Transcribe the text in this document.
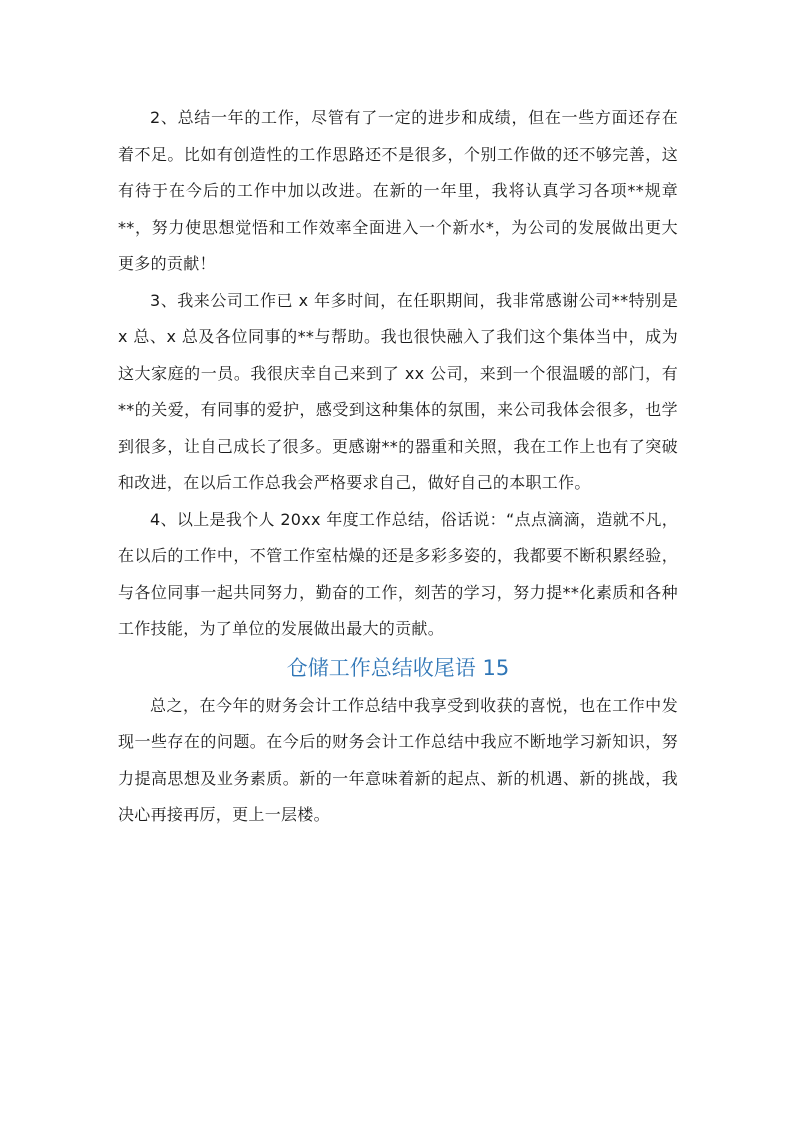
2、总结一年的工作，尽管有了一定的进步和成绩，但在一些方面还存在着不足。比如有创造性的工作思路还不是很多，个别工作做的还不够完善，这有待于在今后的工作中加以改进。在新的一年里，我将认真学习各项**规章**，努力使思想觉悟和工作效率全面进入一个新水*，为公司的发展做出更大更多的贡献！

3、我来公司工作已 x 年多时间，在任职期间，我非常感谢公司**特别是 x 总、x 总及各位同事的**与帮助。我也很快融入了我们这个集体当中，成为这大家庭的一员。我很庆幸自己来到了 xx 公司，来到一个很温暖的部门，有**的关爱，有同事的爱护，感受到这种集体的氛围，来公司我体会很多，也学到很多，让自己成长了很多。更感谢**的器重和关照，我在工作上也有了突破和改进，在以后工作总我会严格要求自己，做好自己的本职工作。

4、以上是我个人 20xx 年度工作总结，俗话说：“点点滴滴，造就不凡，在以后的工作中，不管工作室枯燥的还是多彩多姿的，我都要不断积累经验，与各位同事一起共同努力，勤奋的工作，刻苦的学习，努力提**化素质和各种工作技能，为了单位的发展做出最大的贡献。

仓储工作总结收尾语 15

总之，在今年的财务会计工作总结中我享受到收获的喜悦，也在工作中发现一些存在的问题。在今后的财务会计工作总结中我应不断地学习新知识，努力提高思想及业务素质。新的一年意味着新的起点、新的机遇、新的挑战，我决心再接再厉，更上一层楼。
